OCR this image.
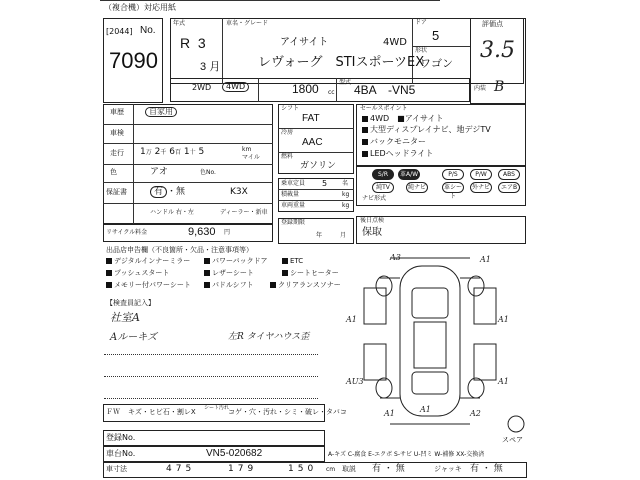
（複合機）対応用紙
[2044] No.
7090
年式
R 3
3 月
車名・グレード
アイサイト	4WD
レヴォーグ　STIスポーツEX
ドア
5
形状
ワゴン
評価点
3.5
内装 B
2WD	4WD	1800 cc
型式
4BA　-VN5
車歴	自家用
車検
走行 1万 2千 6百 1十 5	km
マイル
色	アオ	色No.
保証書	有 ・無	K3X
ハンドル 右・左	ディーラー・新車
リサイクル料金	9,630 円
シフト
FAT
冷房
AAC
燃料
ガソリン
乗車定員 5 名
積載量	kg
車両重量	kg
登録期限
年	月
セールスポイント
4WD　■アイサイト
大型ディスプレイナビ、地デジTV
バックモニター
LEDヘッドライト
S/R	革A/W	P/S	P/W	ABS
純TV	純ナビ	革シート
外ナビ	エアB
ナビ形式
後日点検
保取
出品店申告欄（不良箇所・欠品・注意事項等）
デジタルインナーミラー	パワーバックドア	ETC
プッシュスタート	レザーシート	シートヒーター
メモリー付パワーシート	パドルシフト	クリアランスソナー
【検査員記入】
社室A
Aルーキズ	左R タイヤハウス歪
A3	A1
A1	A1
AU3	A1
A1
A1	A2
スペア
A-キズ C-腐食 E-エクボ S-サビ U-凹ミ W-補修 XX-交換済
ＦＷ キズ・ヒビ石・割レX シート汚れ
コゲ・穴・汚れ・シミ・破レ・タバコ
登録No.
車台No.	VN5-020682
車寸法	475	179	150 cm 取説 有 ・ 無	ジャッキ 有 ・ 無
